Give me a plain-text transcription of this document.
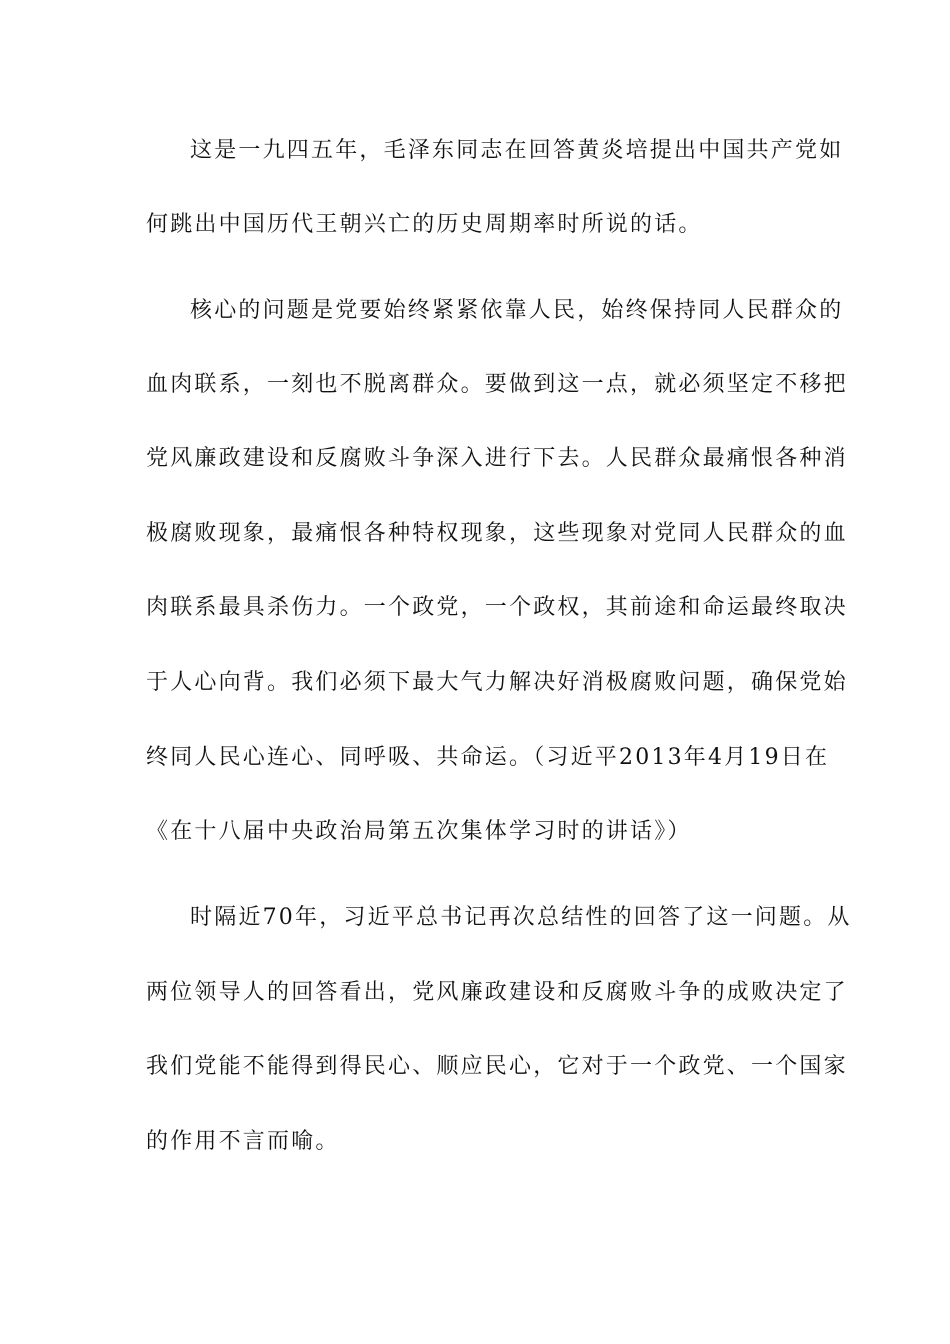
这是一九四五年，毛泽东同志在回答黄炎培提出中国共产党如
何跳出中国历代王朝兴亡的历史周期率时所说的话。
核心的问题是党要始终紧紧依靠人民，始终保持同人民群众的
血肉联系，一刻也不脱离群众。要做到这一点，就必须坚定不移把
党风廉政建设和反腐败斗争深入进行下去。人民群众最痛恨各种消
极腐败现象，最痛恨各种特权现象，这些现象对党同人民群众的血
肉联系最具杀伤力。一个政党，一个政权，其前途和命运最终取决
于人心向背。我们必须下最大气力解决好消极腐败问题，确保党始
终同人民心连心、同呼吸、共命运。（习近平2013年4月19日在
《在十八届中央政治局第五次集体学习时的讲话》）
时隔近70年，习近平总书记再次总结性的回答了这一问题。从
两位领导人的回答看出，党风廉政建设和反腐败斗争的成败决定了
我们党能不能得到得民心、顺应民心，它对于一个政党、一个国家
的作用不言而喻。
